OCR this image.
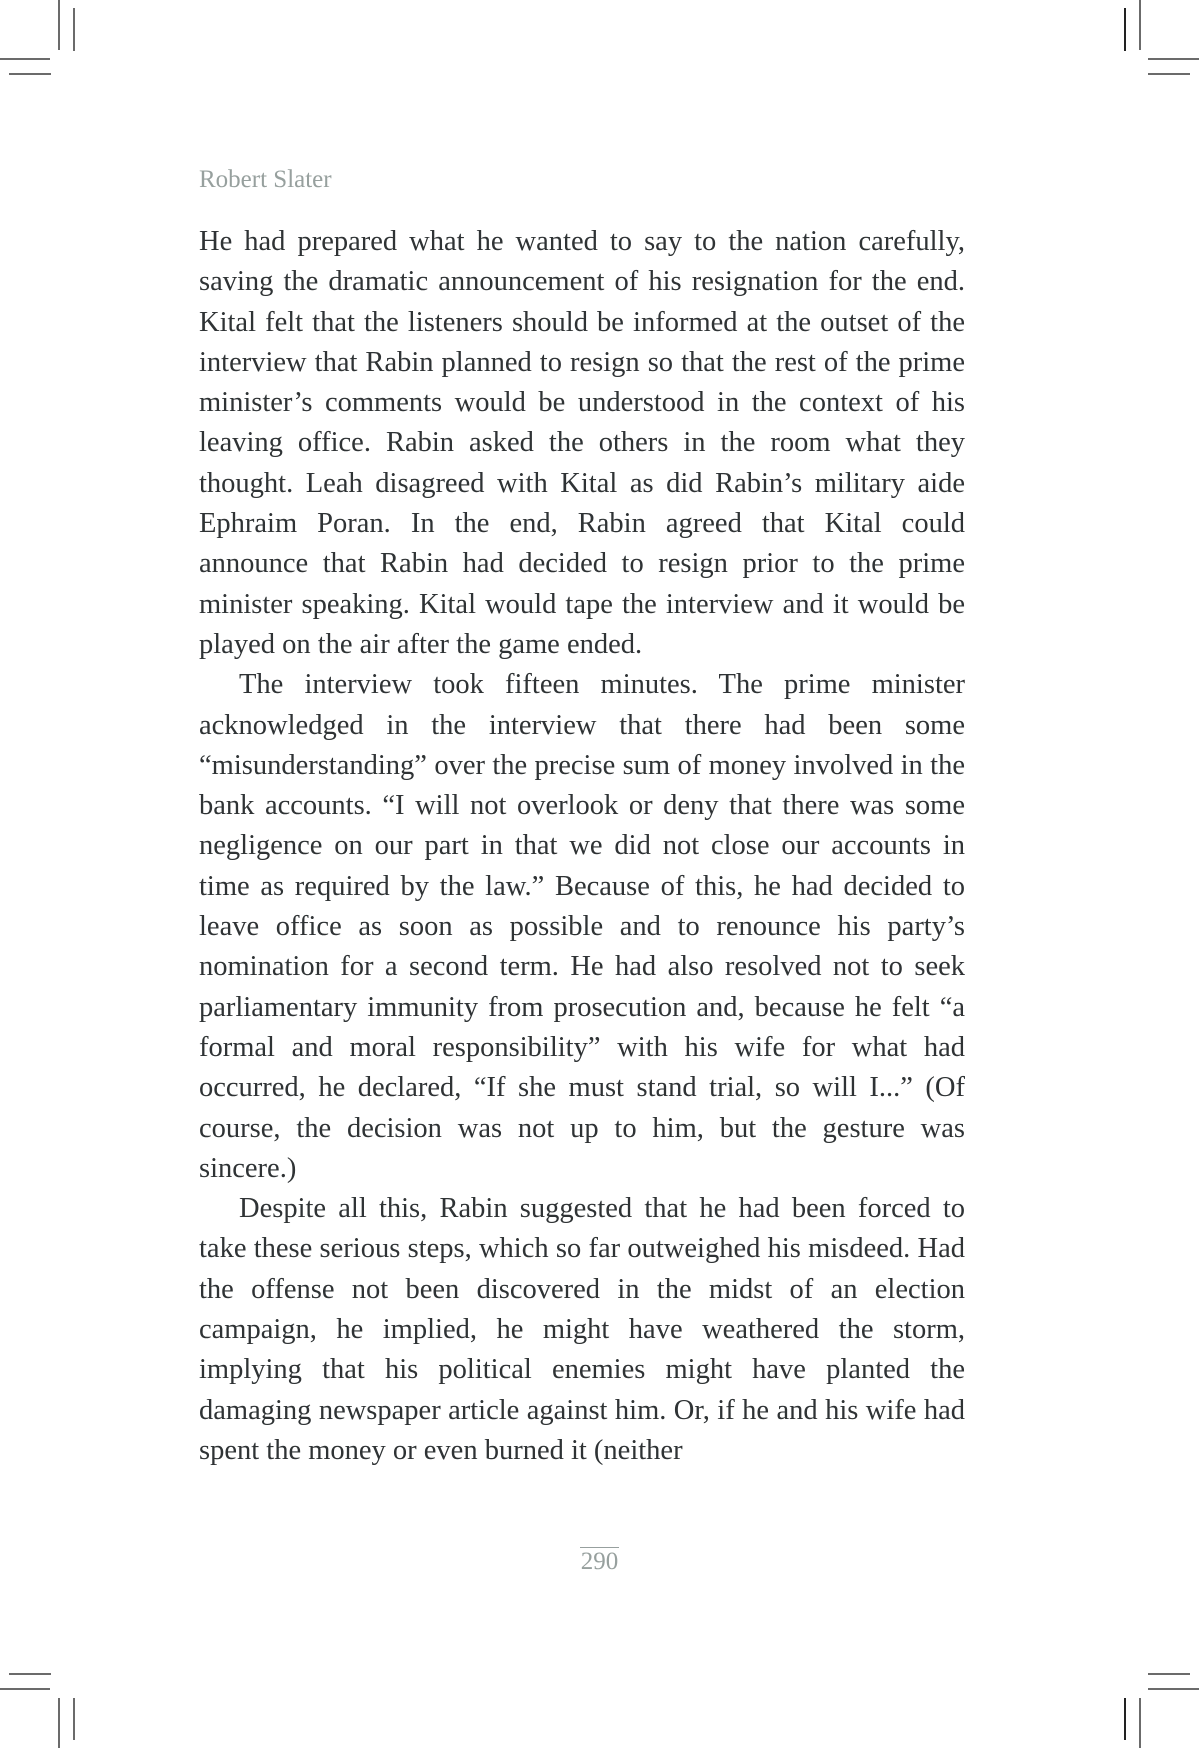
Robert Slater

He had prepared what he wanted to say to the nation carefully, saving the dramatic announcement of his resignation for the end. Kital felt that the listeners should be informed at the outset of the interview that Rabin planned to resign so that the rest of the prime minister’s comments would be understood in the context of his leaving office. Rabin asked the others in the room what they thought. Leah disagreed with Kital as did Rabin’s military aide Ephraim Poran. In the end, Rabin agreed that Kital could announce that Rabin had decided to resign prior to the prime minister speaking. Kital would tape the interview and it would be played on the air after the game ended.

The interview took fifteen minutes. The prime minister acknowledged in the interview that there had been some “misunderstanding” over the precise sum of money involved in the bank accounts. “I will not overlook or deny that there was some negligence on our part in that we did not close our accounts in time as required by the law.” Because of this, he had decided to leave office as soon as possible and to renounce his party’s nomination for a second term. He had also resolved not to seek parliamentary immunity from prosecution and, because he felt “a formal and moral responsibility” with his wife for what had occurred, he declared, “If she must stand trial, so will I...” (Of course, the decision was not up to him, but the gesture was sincere.)

Despite all this, Rabin suggested that he had been forced to take these serious steps, which so far outweighed his misdeed. Had the offense not been discovered in the midst of an election campaign, he implied, he might have weathered the storm, implying that his political enemies might have planted the damaging newspaper article against him. Or, if he and his wife had spent the money or even burned it (neither

290
